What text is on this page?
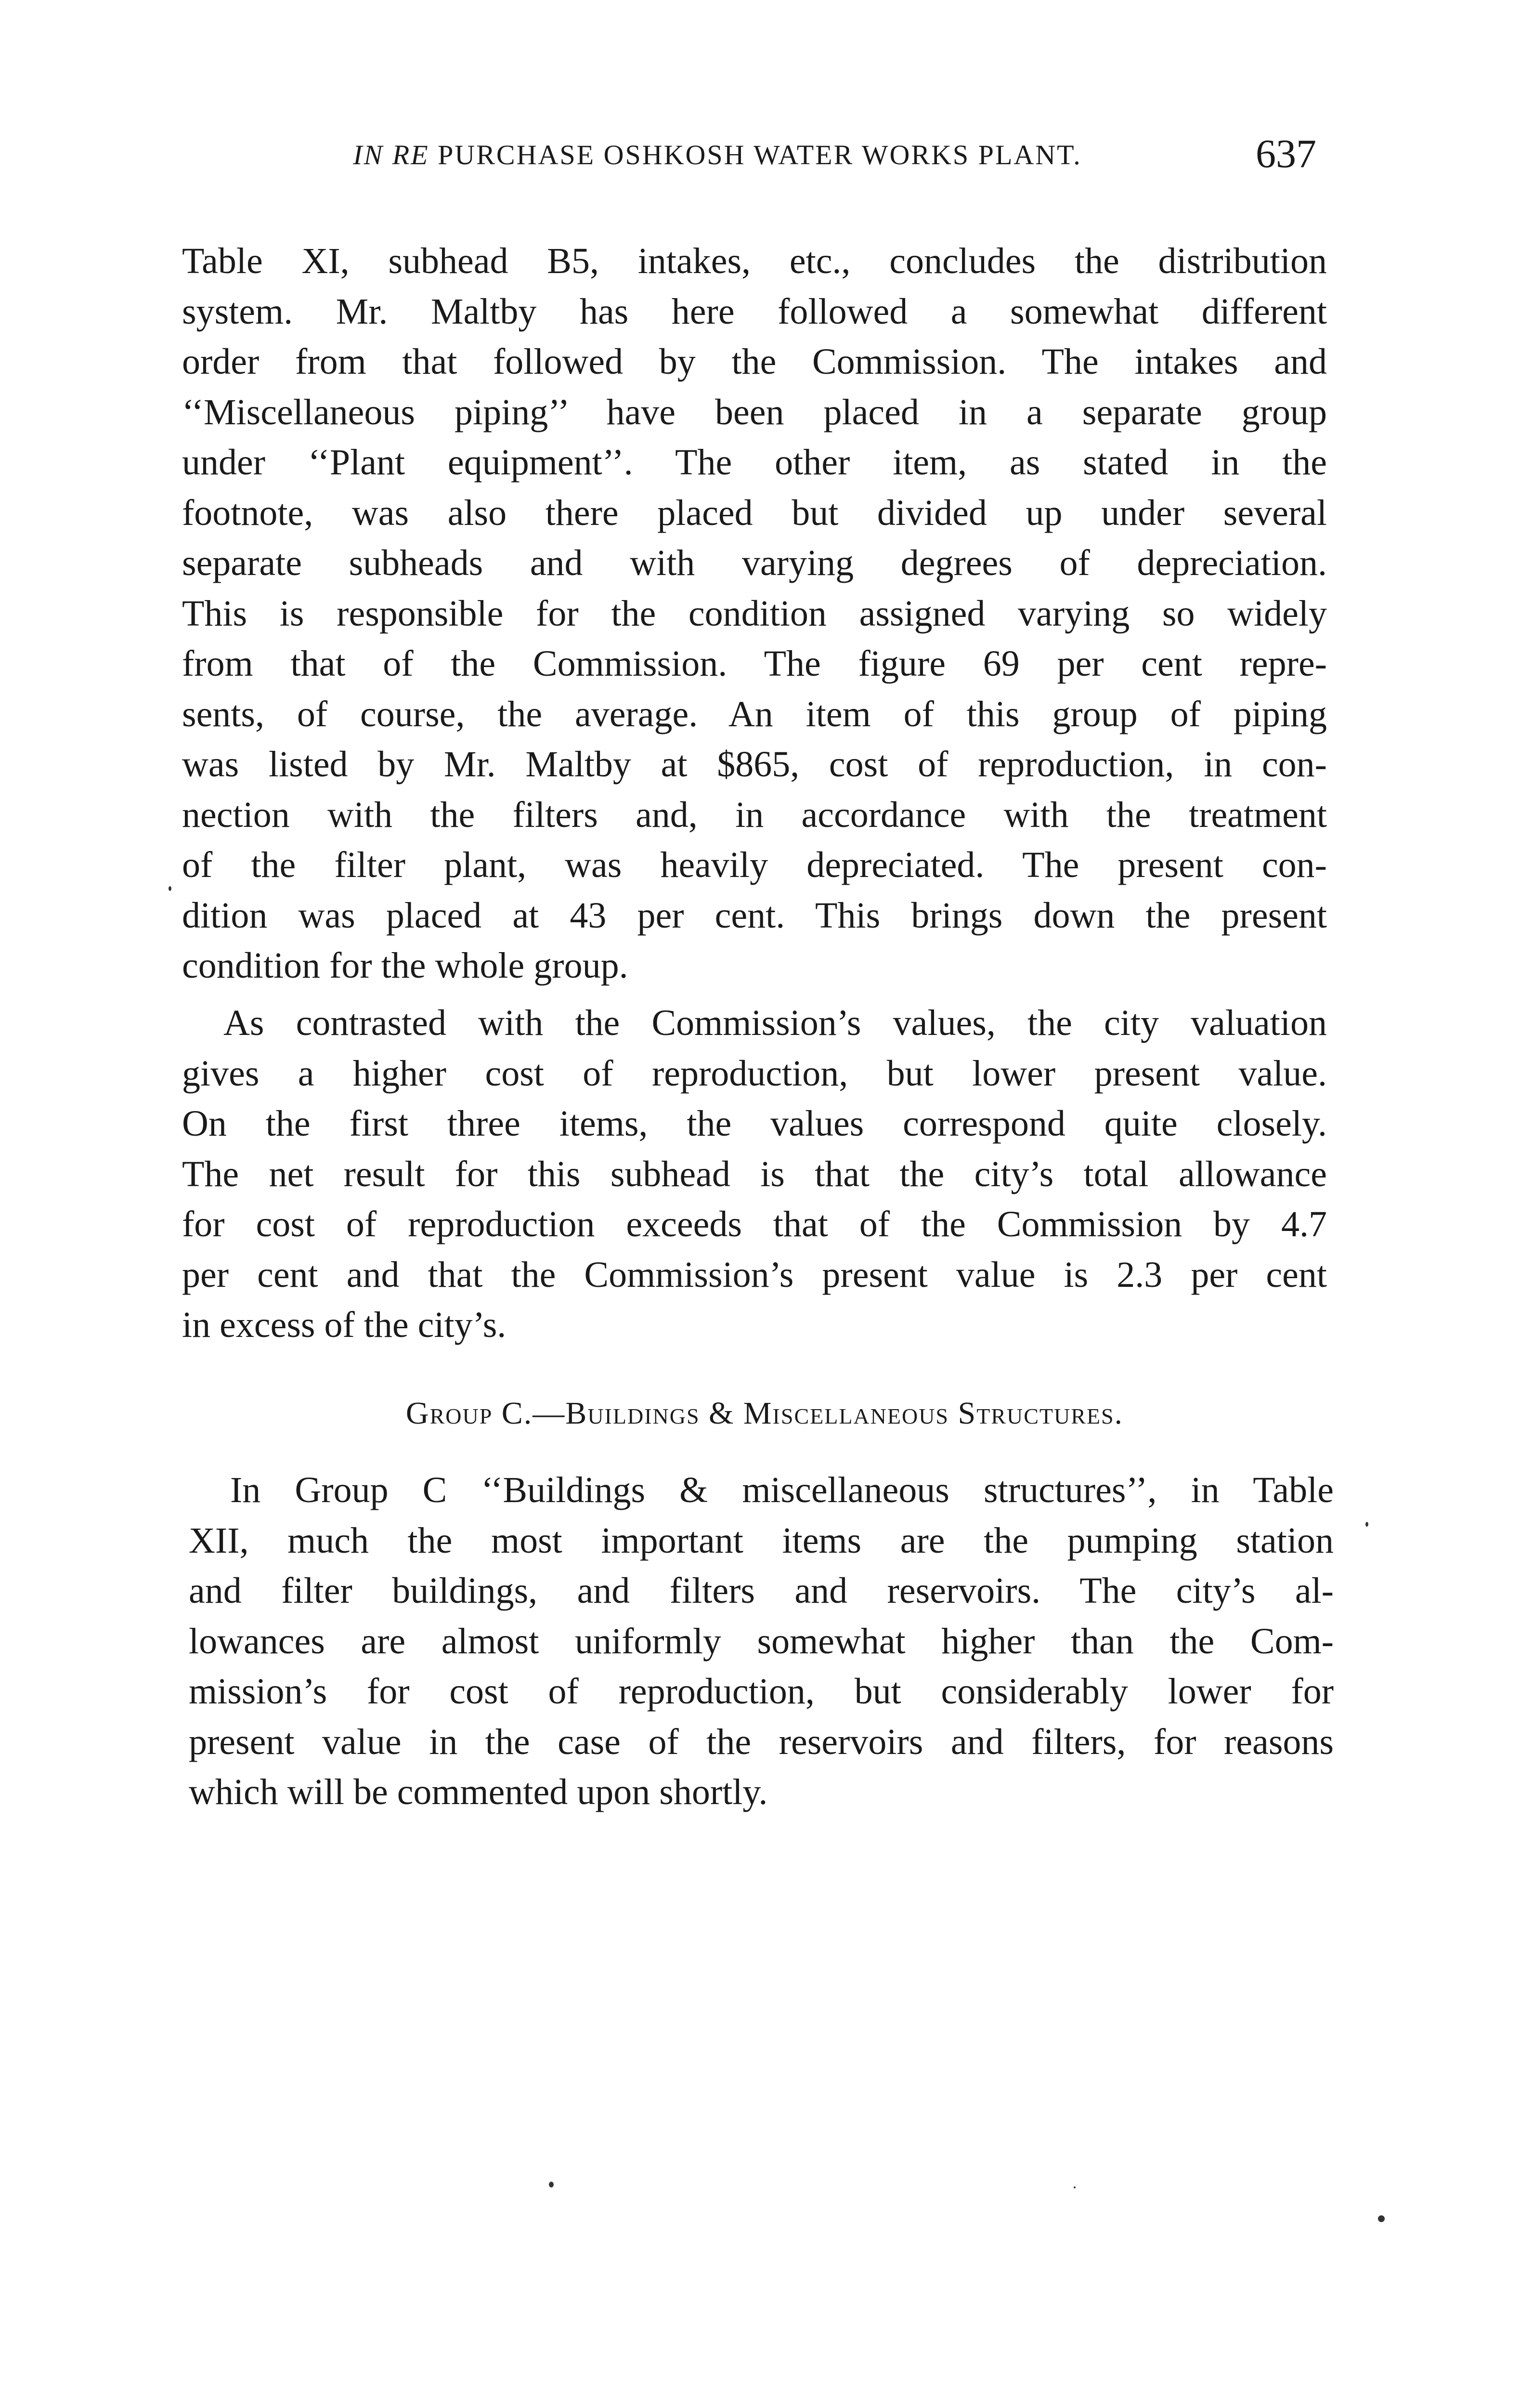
IN RE PURCHASE OSHKOSH WATER WORKS PLANT.	637

Table XI, subhead B5, intakes, etc., concludes the distribution
system. Mr. Maltby has here followed a somewhat different
order from that followed by the Commission. The intakes and
‘‘Miscellaneous piping’’ have been placed in a separate group
under ‘‘Plant equipment’’. The other item, as stated in the
footnote, was also there placed but divided up under several
separate subheads and with varying degrees of depreciation.
This is responsible for the condition assigned varying so widely
from that of the Commission. The figure 69 per cent repre-
sents, of course, the average. An item of this group of piping
was listed by Mr. Maltby at $865, cost of reproduction, in con-
nection with the filters and, in accordance with the treatment
of the filter plant, was heavily depreciated. The present con-
dition was placed at 43 per cent. This brings down the present
condition for the whole group.

As contrasted with the Commission’s values, the city valuation
gives a higher cost of reproduction, but lower present value.
On the first three items, the values correspond quite closely.
The net result for this subhead is that the city’s total allowance
for cost of reproduction exceeds that of the Commission by 4.7
per cent and that the Commission’s present value is 2.3 per cent
in excess of the city’s.

Group C.—Buildings & Miscellaneous Structures.

In Group C ‘‘Buildings & miscellaneous structures’’, in Table
XII, much the most important items are the pumping station
and filter buildings, and filters and reservoirs. The city’s al-
lowances are almost uniformly somewhat higher than the Com-
mission’s for cost of reproduction, but considerably lower for
present value in the case of the reservoirs and filters, for reasons
which will be commented upon shortly.
